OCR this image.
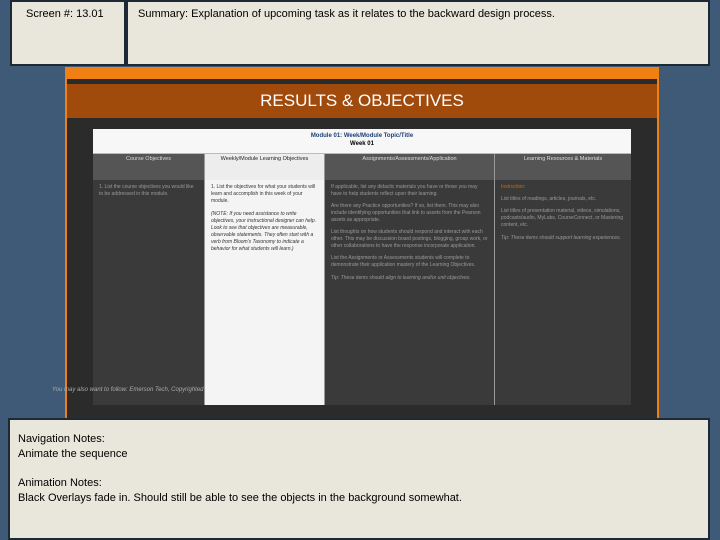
Screen #: 13.01	Summary: Explanation of upcoming task as it relates to the backward design process.
RESULTS & OBJECTIVES
Module 01: Week/Module Topic/Title
Week 01
Course Objectives

1. List the course objectives you would like to be addressed in this module.

Weekly/Module Learning Objectives

1. List the objectives for what your students will learn and accomplish in this week of your module.

(NOTE: If you need assistance to write objectives, your instructional designer can help. Look to see that objectives are measurable, observable statements. They often start with a verb from Bloom's Taxonomy to indicate a behavior for what students will learn.)
Assignments/Assessments/Application

If applicable, list any didactic materials you have or those you may have to help students reflect upon their learning.

Are there any Practice opportunities? If so, list them. This may also include identifying opportunities that link to assets from the Pearson assets as appropriate.

List thoughts on how students should respond and interact with each other. This may be discussion board postings, blogging, group work, or other collaborations to have the response incorporate application.

List the Assignments or Assessments students will complete to demonstrate their application mastery of the Learning Objectives.

Tip: These items should align to learning and/or unit objectives.
Learning Resources & Materials

Instruction:

List titles of readings, articles, journals, etc.

List titles of presentation material, videos, simulations, podcasts/audio, MyLabs, CourseConnect, or Mastering content, etc.

Tip: These items should support learning experiences.
You may also want to follow: Emerson Tech, Copyrighted

Navigation Notes:

Animate the sequence

Animation Notes:

Black Overlays fade in. Should still be able to see the objects in the background somewhat.
